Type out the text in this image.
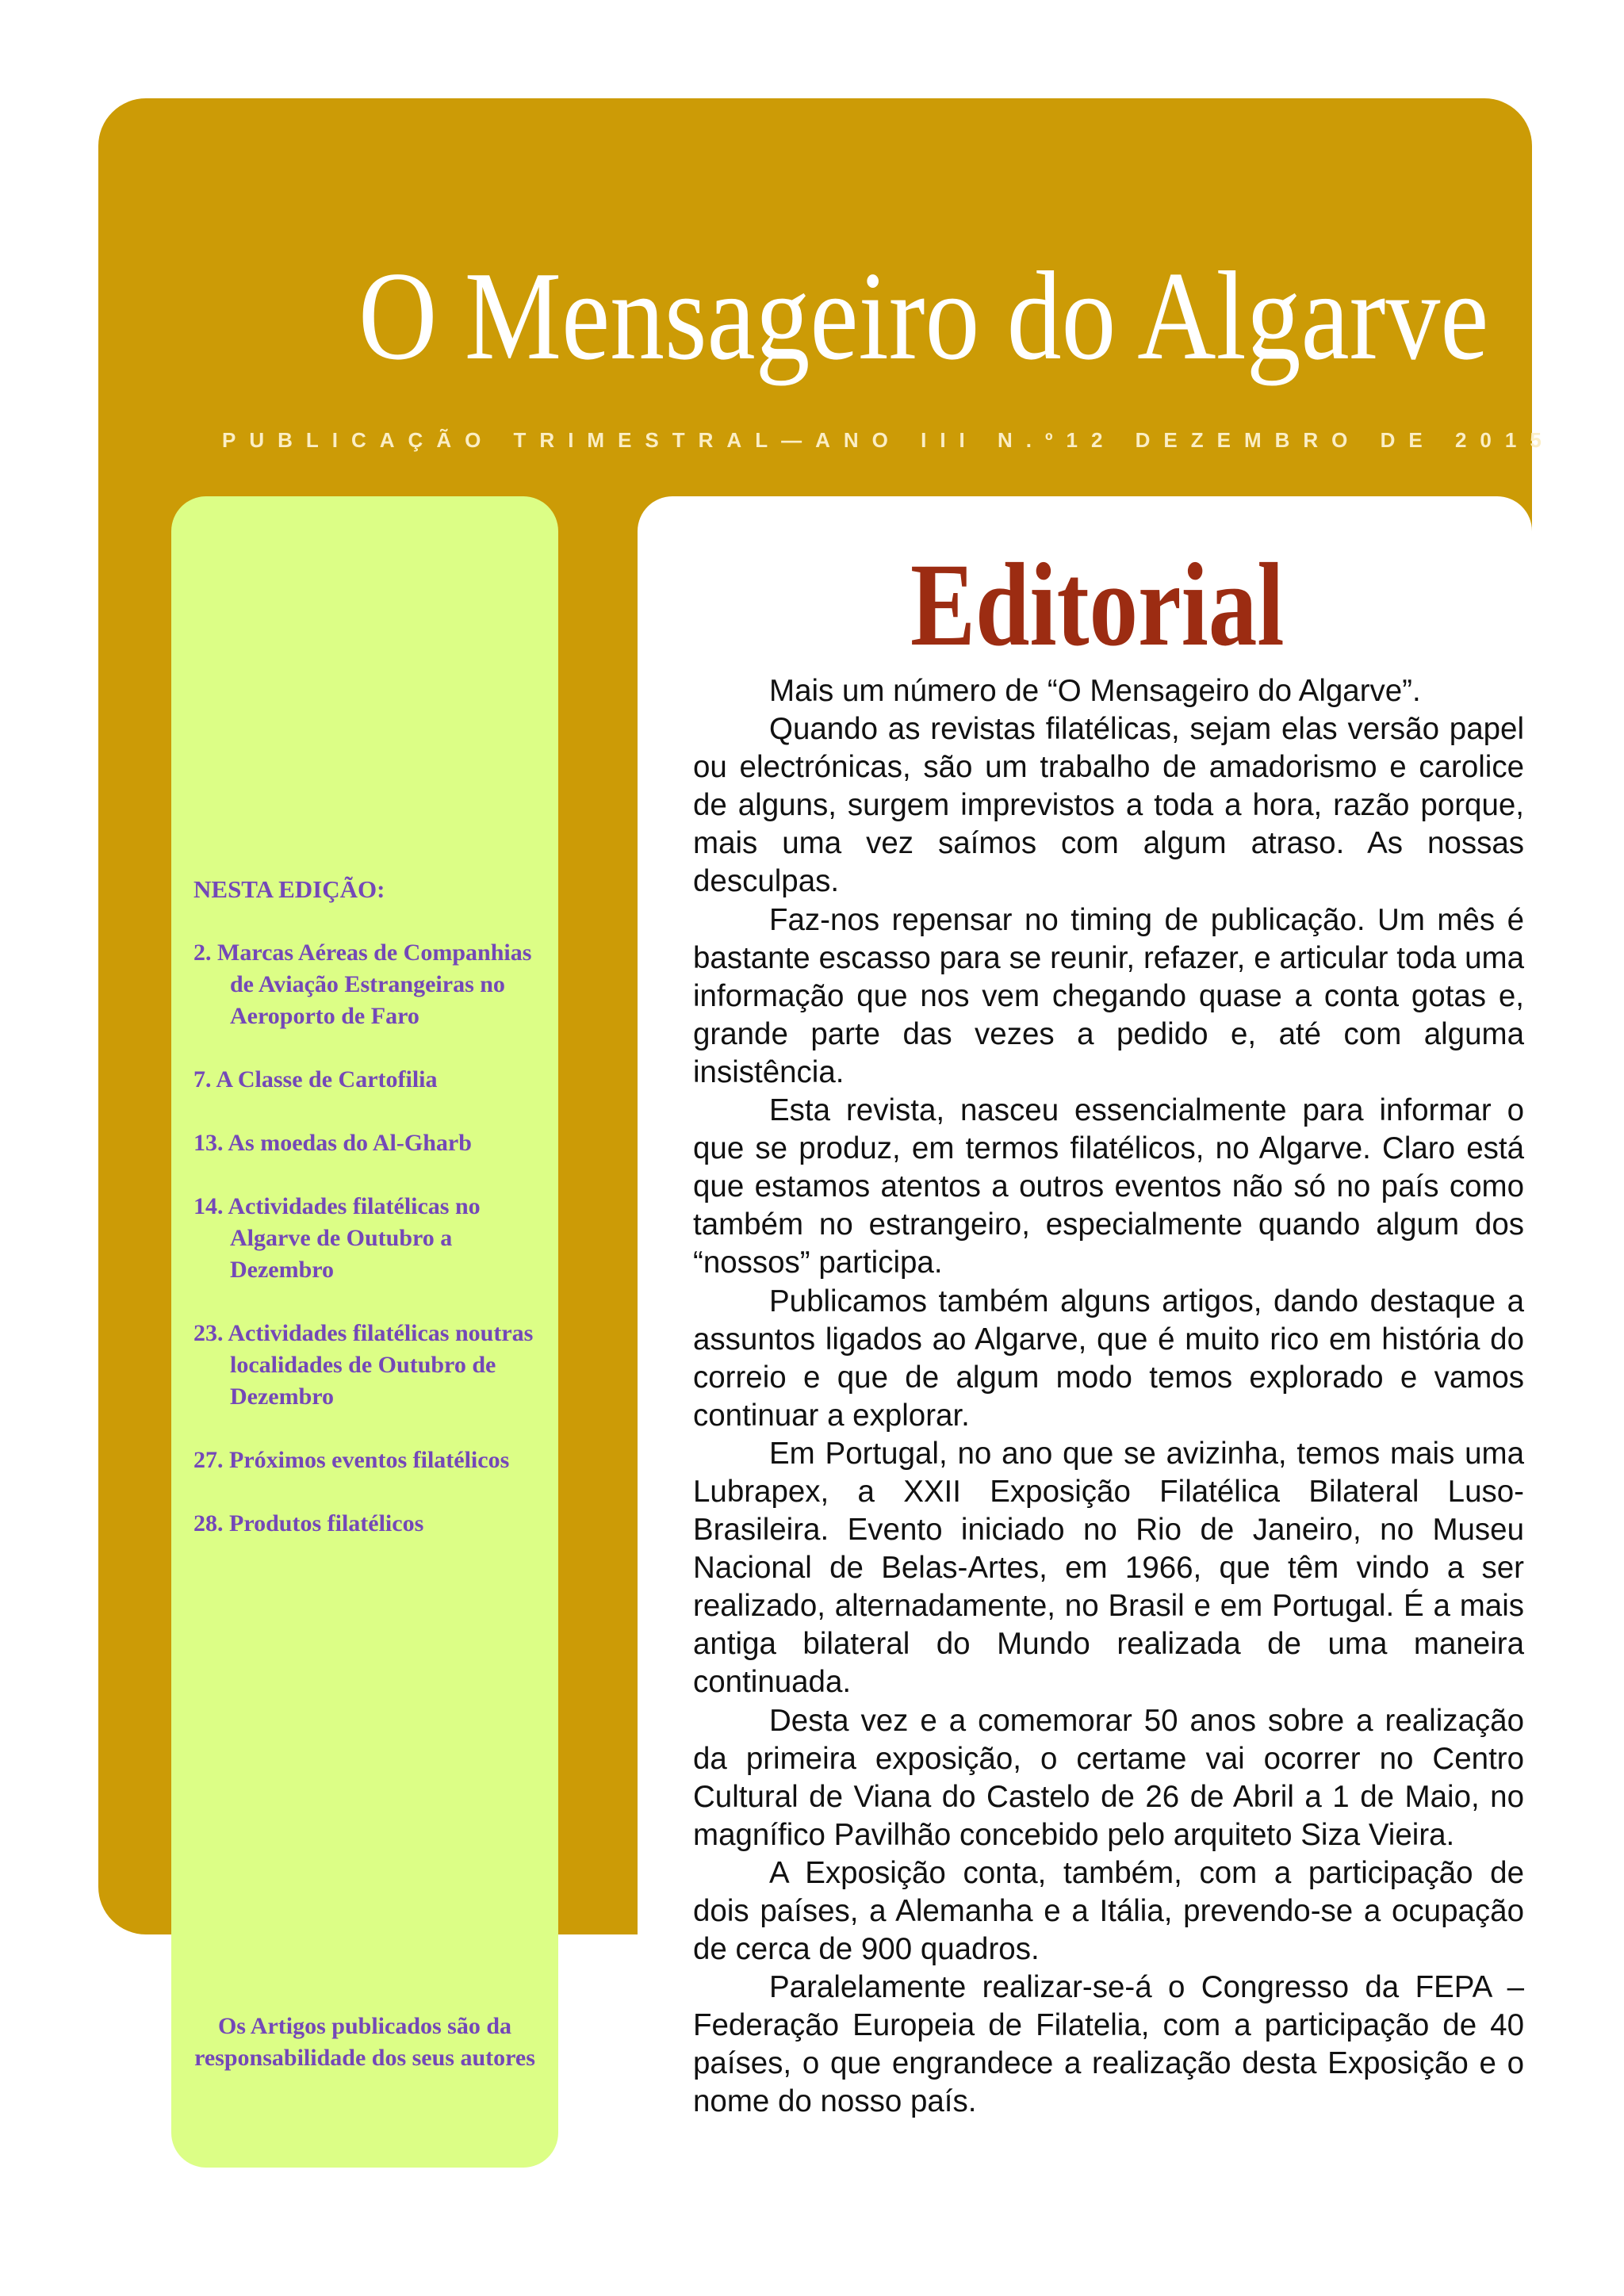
O Mensageiro do Algarve
PUBLICAÇÃO TRIMESTRAL—ANO III N.º12 DEZEMBRO DE 2015
NESTA EDIÇÃO:
2. Marcas Aéreas de Companhias de Aviação Estrangeiras no Aeroporto de Faro
7. A Classe de Cartofilia
13. As moedas do Al-Gharb
14. Actividades filatélicas no Algarve de Outubro a Dezembro
23. Actividades filatélicas noutras localidades de Outubro de Dezembro
27. Próximos eventos filatélicos
28. Produtos filatélicos
Os Artigos publicados são da responsabilidade dos seus autores
Editorial

Mais um número de “O Mensageiro do Algarve”.

Quando as revistas filatélicas, sejam elas versão papel ou electrónicas, são um trabalho de amadorismo e carolice de alguns, surgem imprevistos a toda a hora, razão porque, mais uma vez saímos com algum atraso. As nossas desculpas.

Faz-nos repensar no timing de publicação. Um mês é bastante escasso para se reunir, refazer, e articular toda uma informação que nos vem chegando quase a conta gotas e, grande parte das vezes a pedido e, até com alguma insistência.

Esta revista, nasceu essencialmente para informar o que se produz, em termos filatélicos, no Algarve. Claro está que estamos atentos a outros eventos não só no país como também no estrangeiro, especialmente quando algum dos “nossos” participa.

Publicamos também alguns artigos, dando destaque a assuntos ligados ao Algarve, que é muito rico em história do correio e que de algum modo temos explorado e vamos continuar a explorar.

Em Portugal, no ano que se avizinha, temos mais uma Lubrapex, a XXII Exposição Filatélica Bilateral Luso-Brasileira. Evento iniciado no Rio de Janeiro, no Museu Nacional de Belas-Artes, em 1966, que têm vindo a ser realizado, alternadamente, no Brasil e em Portugal. É a mais antiga bilateral do Mundo realizada de uma maneira continuada.

Desta vez e a comemorar 50 anos sobre a realização da primeira exposição, o certame vai ocorrer no Centro Cultural de Viana do Castelo de 26 de Abril a 1 de Maio, no magnífico Pavilhão concebido pelo arquiteto Siza Vieira.

A Exposição conta, também, com a participação de dois países, a Alemanha e a Itália, prevendo-se a ocupação de cerca de 900 quadros.

Paralelamente realizar-se-á o Congresso da FEPA – Federação Europeia de Filatelia, com a participação de 40 países, o que engrandece a realização desta Exposição e o nome do nosso país.
